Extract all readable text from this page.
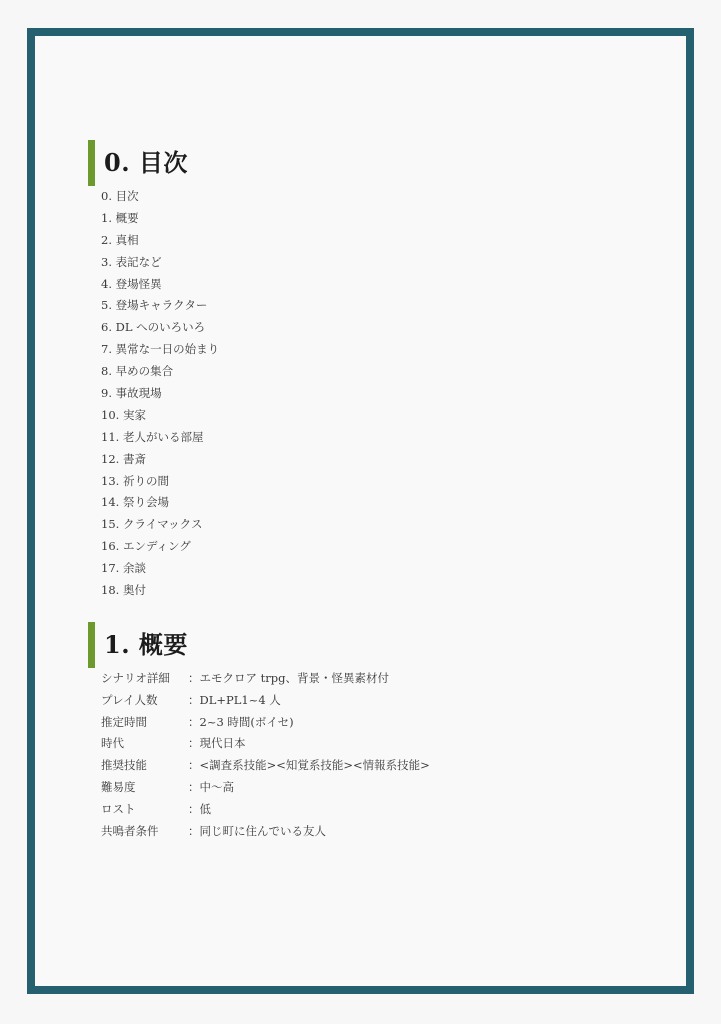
0. 目次
0. 目次
1. 概要
2. 真相
3. 表記など
4. 登場怪異
5. 登場キャラクター
6. DL へのいろいろ
7. 異常な一日の始まり
8. 早めの集合
9. 事故現場
10. 実家
11. 老人がいる部屋
12. 書斎
13. 祈りの間
14. 祭り会場
15. クライマックス
16. エンディング
17. 余談
18. 奥付
1. 概要
シナリオ詳細	：エモクロア trpg、背景・怪異素材付
プレイ人数	：DL+PL1~4 人
推定時間	：2~3 時間(ボイセ)
時代	：現代日本
推奨技能	：<調査系技能><知覚系技能><情報系技能>
難易度	：中〜高
ロスト	：低
共鳴者条件	：同じ町に住んでいる友人
